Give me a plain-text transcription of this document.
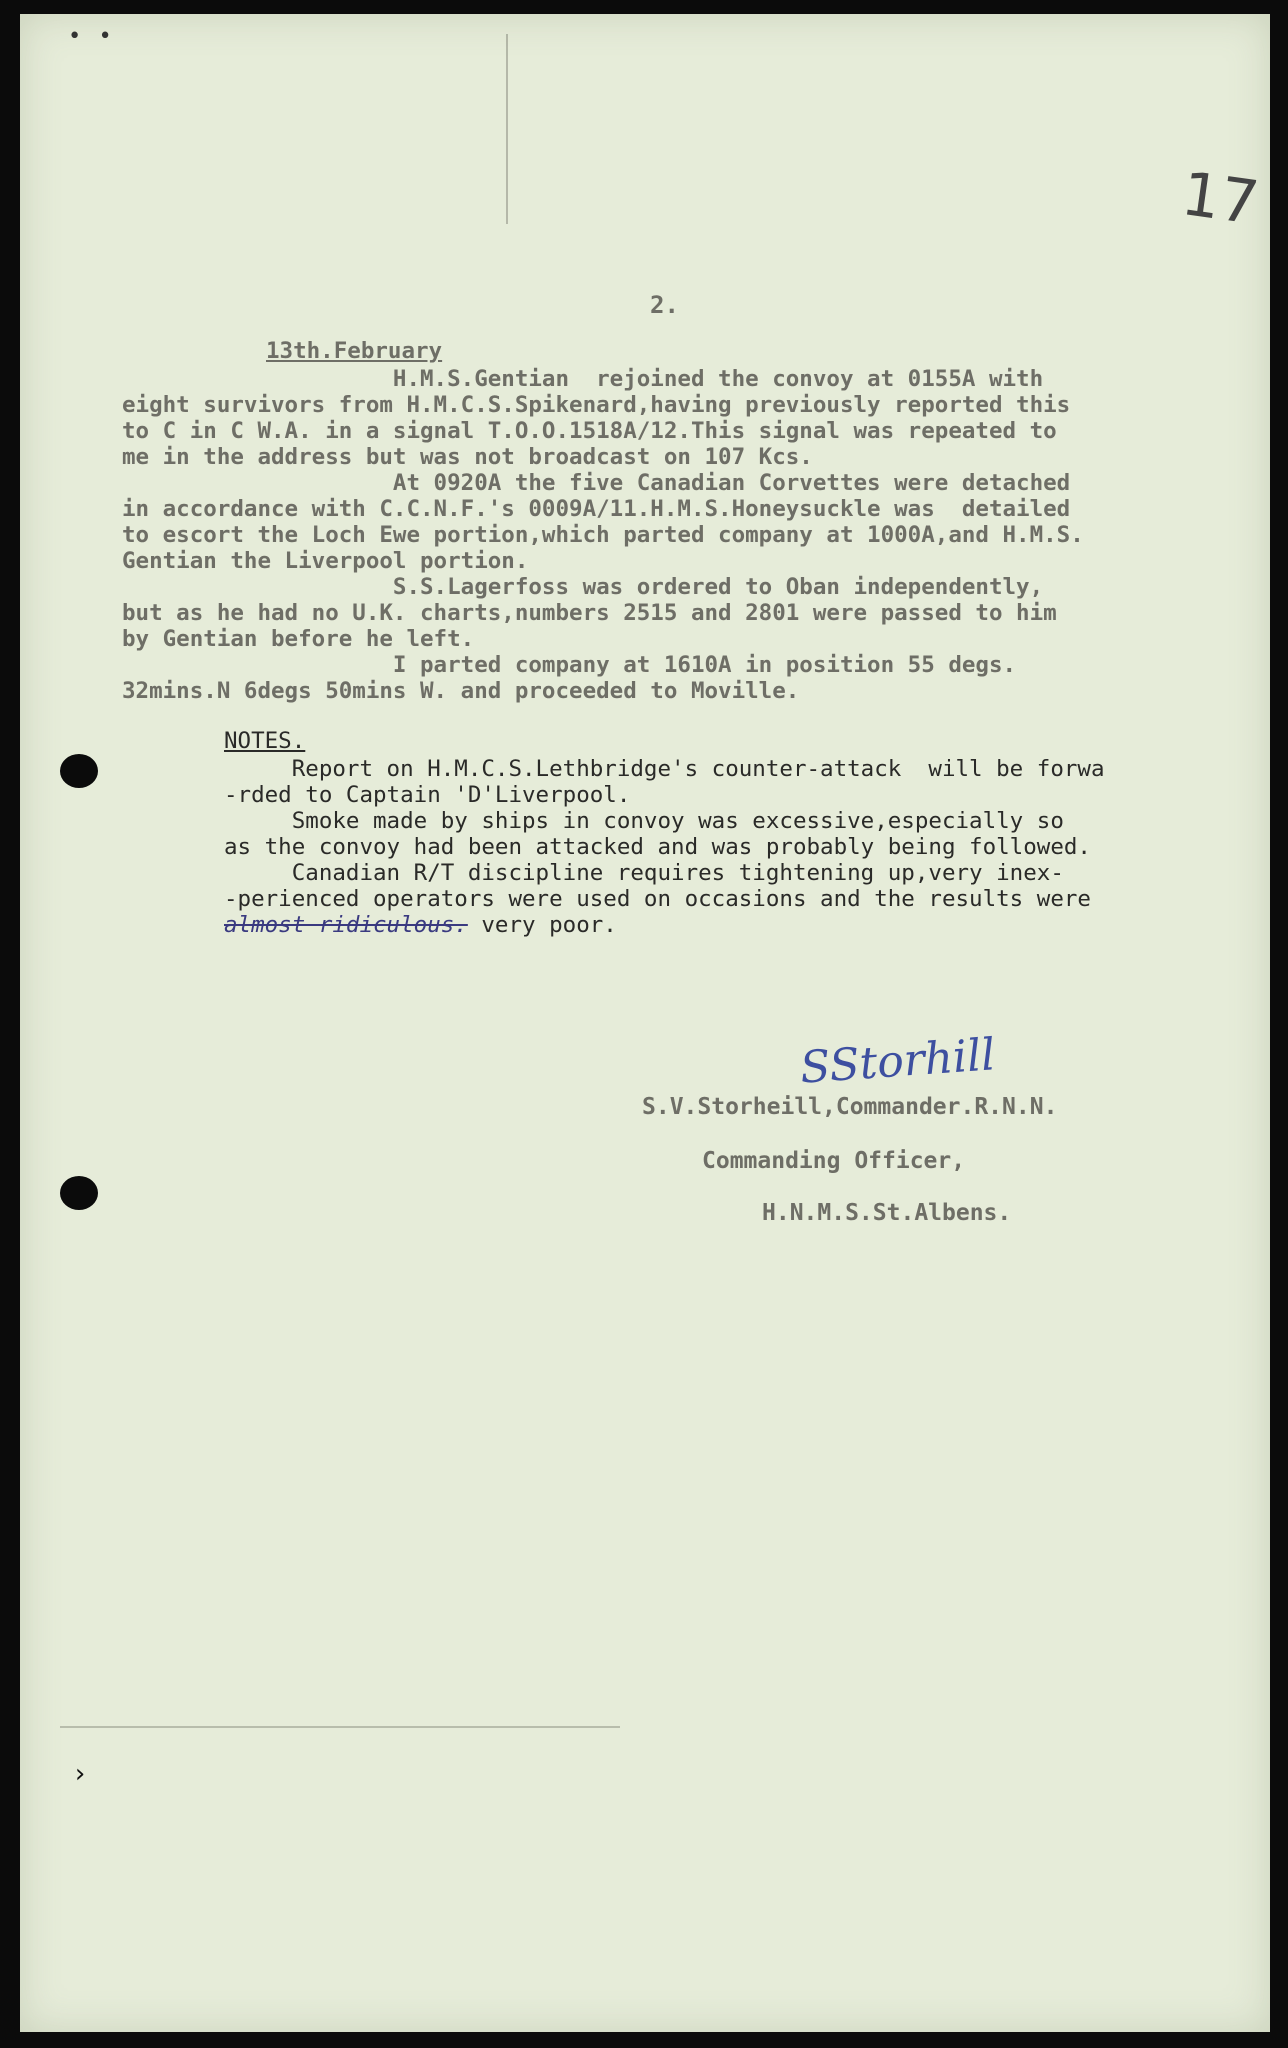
• •
17
2.
13th.February
H.M.S.Gentian  rejoined the convoy at 0155A with
eight survivors from H.M.C.S.Spikenard,having previously reported this
to C in C W.A. in a signal T.O.O.1518A/12.This signal was repeated to
me in the address but was not broadcast on 107 Kcs.
At 0920A the five Canadian Corvettes were detached
in accordance with C.C.N.F.'s 0009A/11.H.M.S.Honeysuckle was  detailed
to escort the Loch Ewe portion,which parted company at 1000A,and H.M.S.
Gentian the Liverpool portion.
S.S.Lagerfoss was ordered to Oban independently,
but as he had no U.K. charts,numbers 2515 and 2801 were passed to him
by Gentian before he left.
I parted company at 1610A in position 55 degs.
32mins.N 6degs 50mins W. and proceeded to Moville.
NOTES.
Report on H.M.C.S.Lethbridge's counter-attack  will be forwa
-rded to Captain 'D'Liverpool.
Smoke made by ships in convoy was excessive,especially so
as the convoy had been attacked and was probably being followed.
Canadian R/T discipline requires tightening up,very inex-
-perienced operators were used on occasions and the results were
almost ridiculous. very poor.
SStorhill
S.V.Storheill,Commander.R.N.N.
Commanding Officer,
H.N.M.S.St.Albens.
›
